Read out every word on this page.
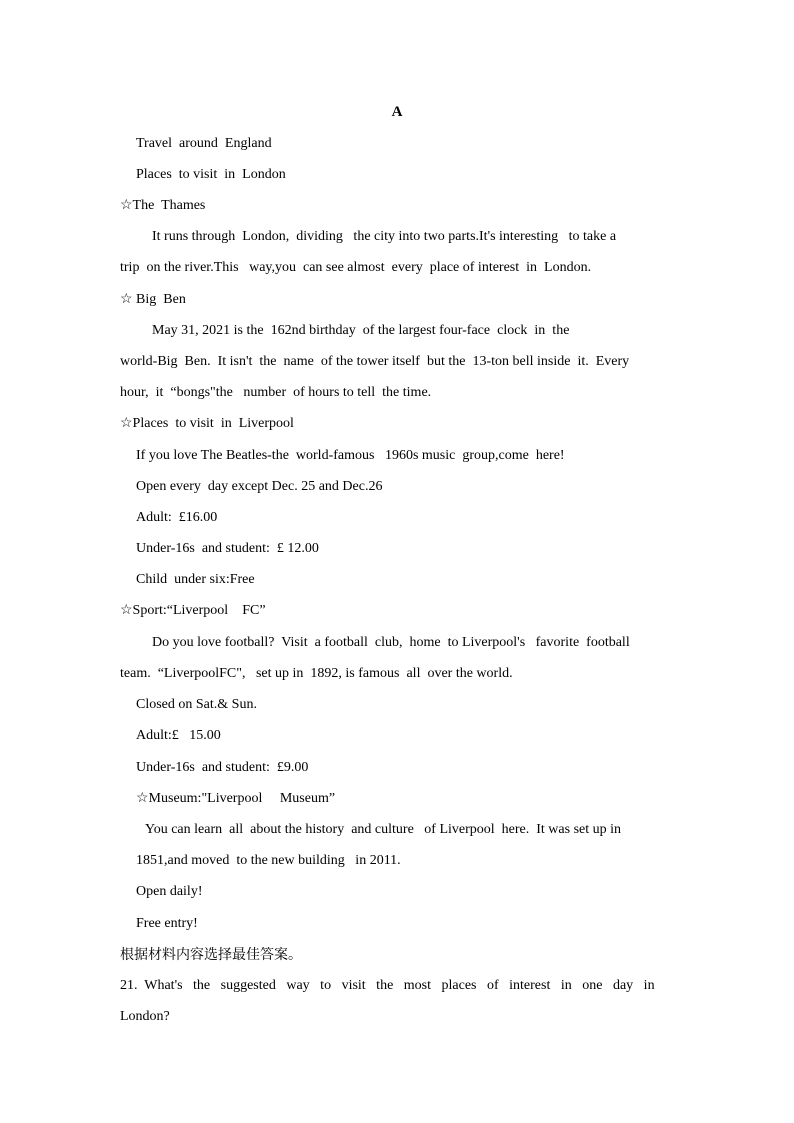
A
Travel  around  England
Places  to visit  in  London
☆The  Thames
It runs through  London,  dividing   the city into two parts.It's interesting   to take a
trip  on the river.This   way,you  can see almost  every  place of interest  in  London.
☆ Big  Ben
May 31, 2021 is the  162nd birthday  of the largest four-face  clock  in  the
world-Big  Ben.  It isn't  the  name  of the tower itself  but the  13-ton bell inside  it.  Every
hour,  it  “bongs"the   number  of hours to tell  the time.
☆Places  to visit  in  Liverpool
If you love The Beatles-the  world-famous   1960s music  group,come  here!
Open every  day except Dec. 25 and Dec.26
Adult:  £16.00
Under-16s  and student:  £ 12.00
Child  under six:Free
☆Sport:“Liverpool    FC”
Do you love football?  Visit  a football  club,  home  to Liverpool's   favorite  football
team.  “LiverpoolFC",   set up in  1892, is famous  all  over the world.
Closed on Sat.& Sun.
Adult:£   15.00
Under-16s  and student:  £9.00
☆Museum:"Liverpool     Museum”
You can learn  all  about the history  and culture   of Liverpool  here.  It was set up in
1851,and moved  to the new building   in 2011.
Open daily!
Free entry!
根据材料内容选择最佳答案。
21.  What's   the   suggested   way   to   visit   the   most   places   of   interest   in   one   day   in
London?
